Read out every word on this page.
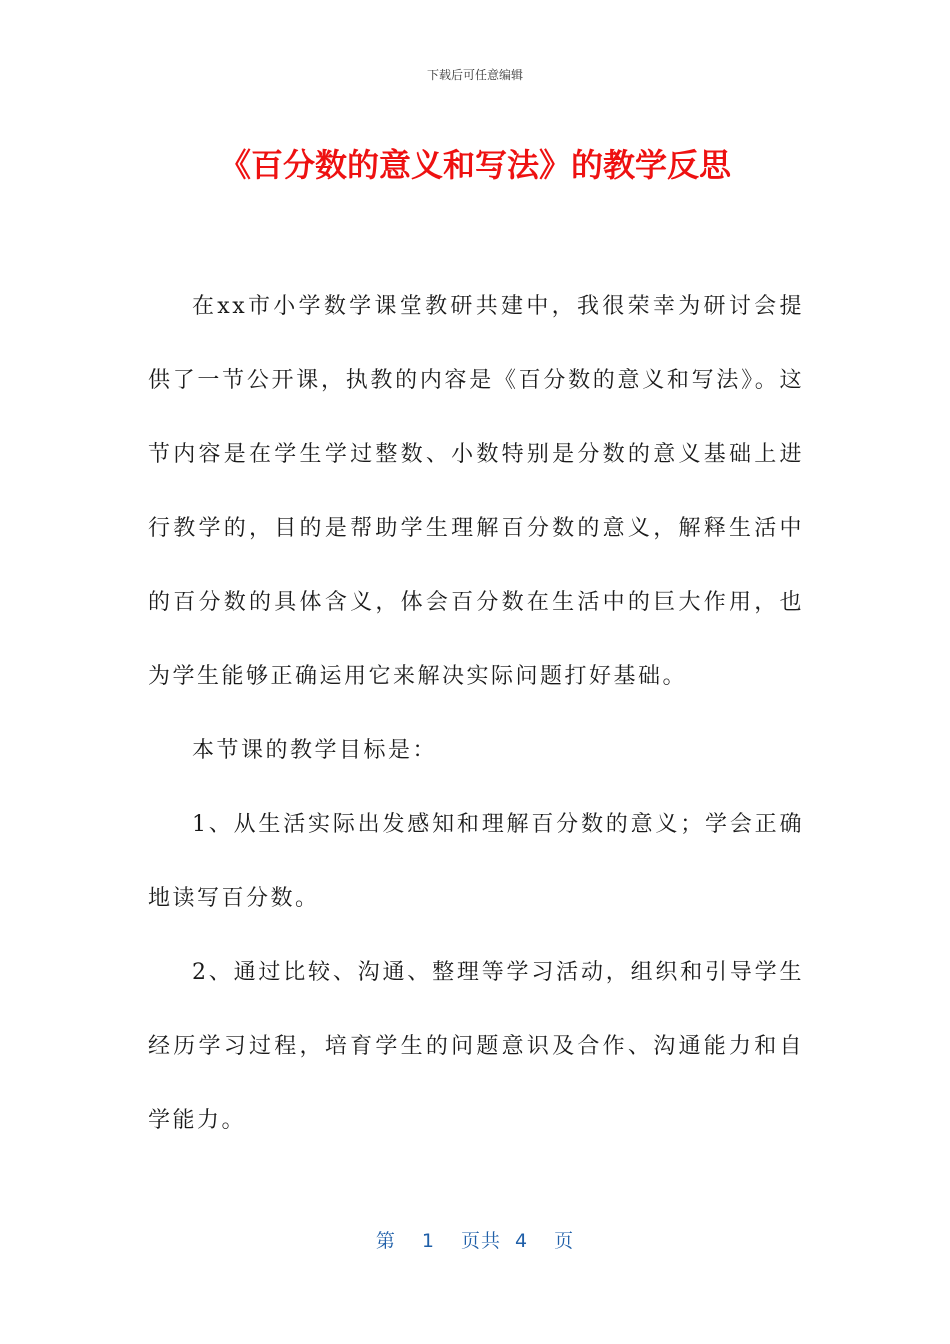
下载后可任意编辑
《百分数的意义和写法》的教学反思

在xx市小学数学课堂教研共建中，我很荣幸为研讨会提供了一节公开课，执教的内容是《百分数的意义和写法》。这节内容是在学生学过整数、小数特别是分数的意义基础上进行教学的，目的是帮助学生理解百分数的意义，解释生活中的百分数的具体含义，体会百分数在生活中的巨大作用，也为学生能够正确运用它来解决实际问题打好基础。

本节课的教学目标是：

1、从生活实际出发感知和理解百分数的意义；学会正确地读写百分数。

2、通过比较、沟通、整理等学习活动，组织和引导学生经历学习过程，培育学生的问题意识及合作、沟通能力和自学能力。

第 1 页共 4 页
